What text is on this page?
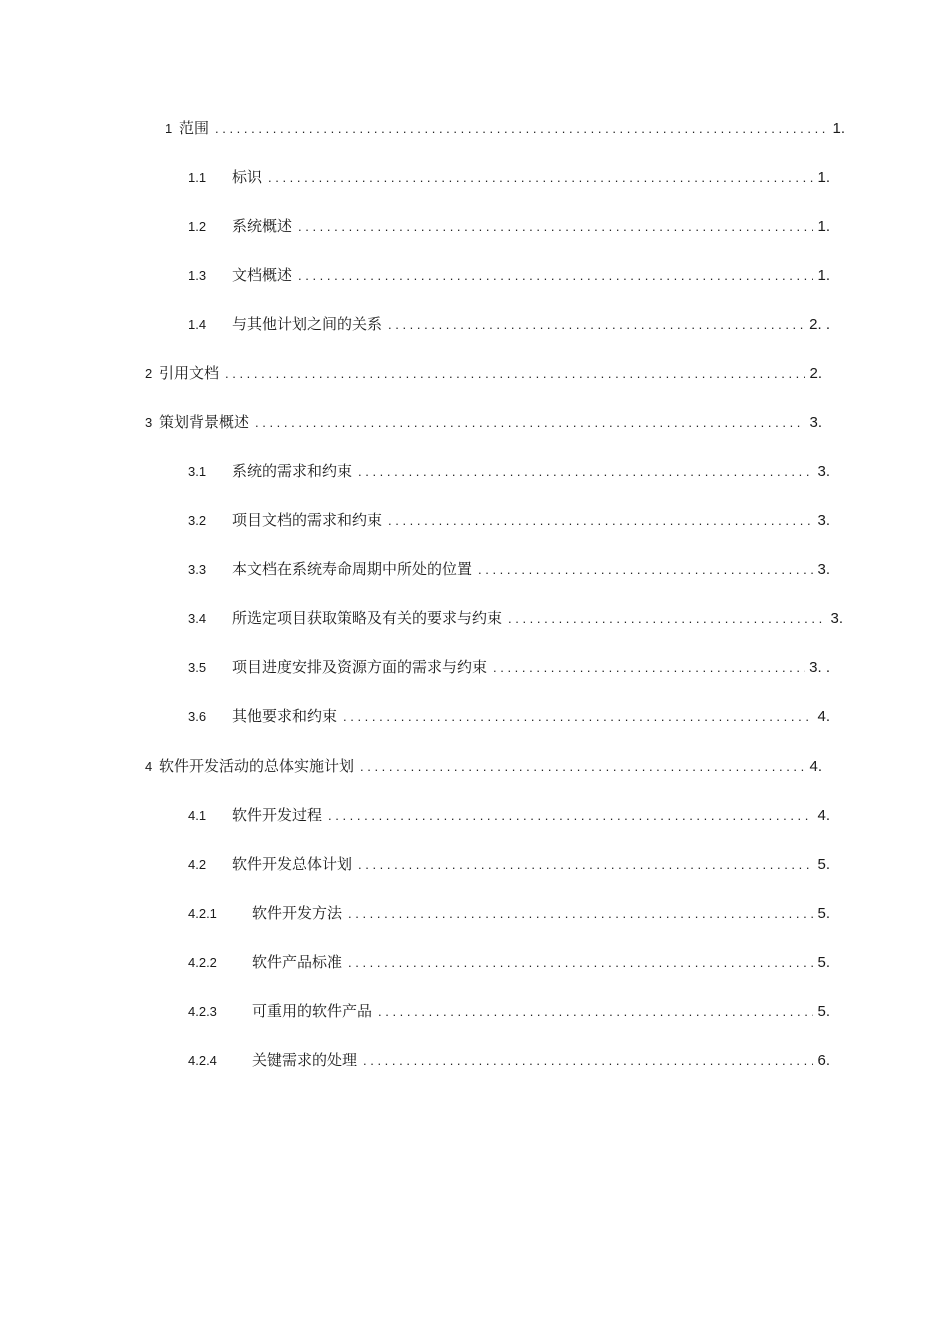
1 范围 . . .	1.
1.1	标识 . . .	1.
1.2	系统概述 . . .	1.
1.3	文档概述 . . .	1.
1.4	与其他计划之间的关系 . . .	2. .
2 引用文档 . . .	2.
3 策划背景概述 . . .	3.
3.1	系统的需求和约束 . . .	3.
3.2	项目文档的需求和约束 . . .	3.
3.3	本文档在系统寿命周期中所处的位置 . . .	3.
3.4	所选定项目获取策略及有关的要求与约束 . . .	3.
3.5	项目进度安排及资源方面的需求与约束 . . .	3. .
3.6	其他要求和约束 . . .	4.
4 软件开发活动的总体实施计划 . . .	4.
4.1	软件开发过程 . . .	4.
4.2	软件开发总体计划 . . .	5.
4.2.1	软件开发方法 . . .	5.
4.2.2	软件产品标准 . . .	5.
4.2.3	可重用的软件产品 . . .	5.
4.2.4	关键需求的处理 . . .	6.
